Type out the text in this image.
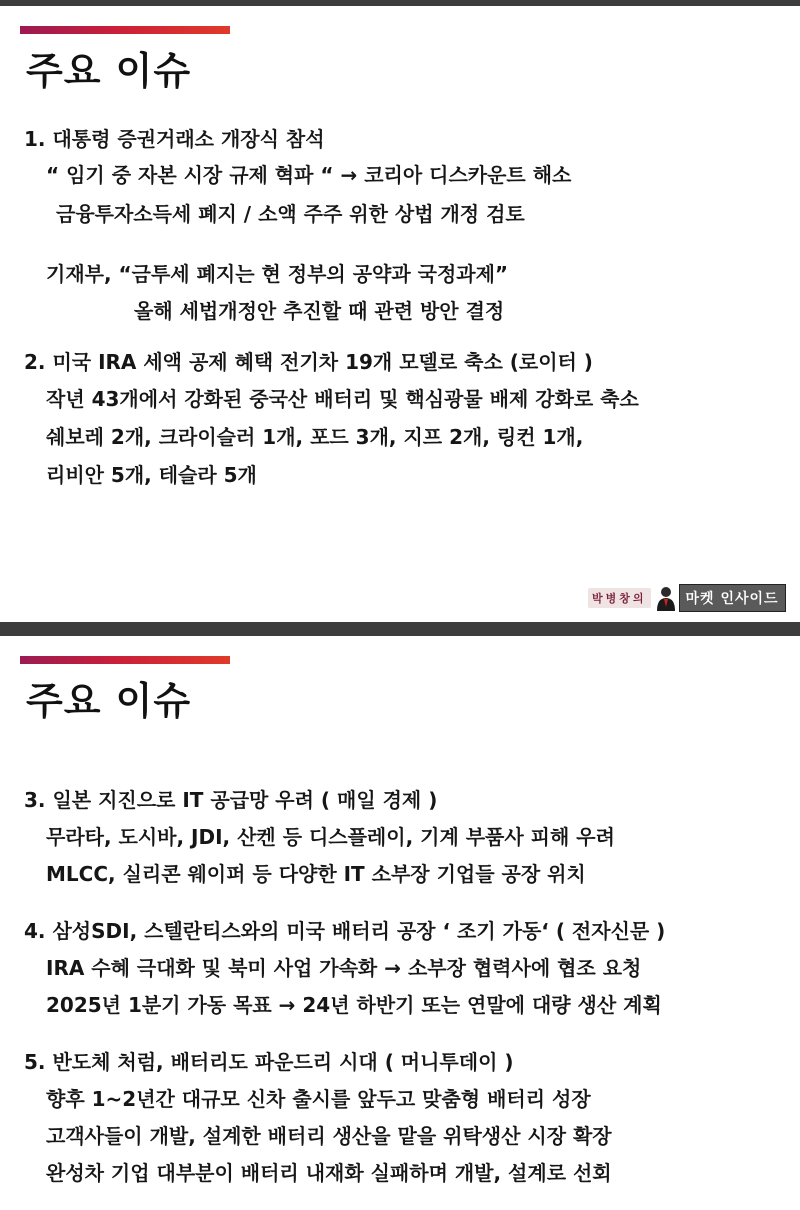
주요 이슈
1. 대통령 증권거래소 개장식 참석
“ 임기 중 자본 시장 규제 혁파 “ → 코리아 디스카운트 해소
금융투자소득세 폐지 / 소액 주주 위한 상법 개정 검토
기재부, “금투세 폐지는 현 정부의 공약과 국정과제”
올해 세법개정안 추진할 때 관련 방안 결정
2. 미국 IRA 세액 공제 혜택 전기차 19개 모델로 축소 (로이터 )
작년 43개에서 강화된 중국산 배터리 및 핵심광물 배제 강화로 축소
쉐보레 2개, 크라이슬러 1개, 포드 3개, 지프 2개, 링컨 1개,
리비안 5개, 테슬라 5개
박병창의	마켓 인사이드
주요 이슈
3. 일본 지진으로 IT 공급망 우려 ( 매일 경제 )
무라타, 도시바, JDI, 산켄 등 디스플레이, 기계 부품사 피해 우려
MLCC, 실리콘 웨이퍼 등 다양한 IT 소부장 기업들 공장 위치
4. 삼성SDI, 스텔란티스와의 미국 배터리 공장 ‘ 조기 가동‘ ( 전자신문 )
IRA 수혜 극대화 및 북미 사업 가속화 → 소부장 협력사에 협조 요청
2025년 1분기 가동 목표 → 24년 하반기 또는 연말에 대량 생산 계획
5. 반도체 처럼, 배터리도 파운드리 시대 ( 머니투데이 )
향후 1~2년간 대규모 신차 출시를 앞두고 맞춤형 배터리 성장
고객사들이 개발, 설계한 배터리 생산을 맡을 위탁생산 시장 확장
완성차 기업 대부분이 배터리 내재화 실패하며 개발, 설계로 선회
